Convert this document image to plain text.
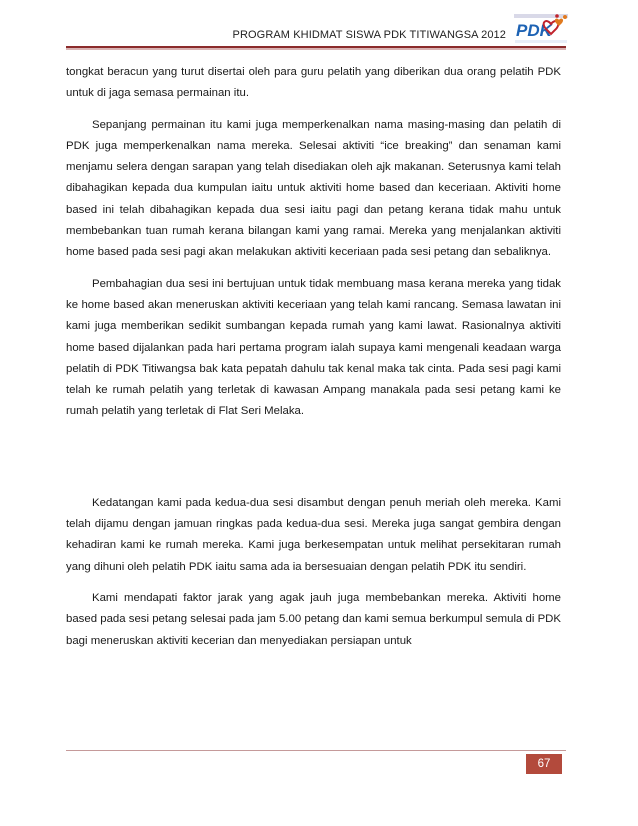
PROGRAM KHIDMAT SISWA PDK TITIWANGSA 2012 PDK

tongkat beracun yang turut disertai oleh para guru pelatih yang diberikan dua orang pelatih PDK untuk di jaga semasa permainan itu.

Sepanjang permainan itu kami juga memperkenalkan nama masing-masing dan pelatih di PDK juga memperkenalkan nama mereka. Selesai aktiviti “ice breaking” dan senaman kami menjamu selera dengan sarapan yang telah disediakan oleh ajk makanan. Seterusnya kami telah dibahagikan kepada dua kumpulan iaitu untuk aktiviti home based dan keceriaan. Aktiviti home based ini telah dibahagikan kepada dua sesi iaitu pagi dan petang kerana tidak mahu untuk membebankan tuan rumah kerana bilangan kami yang ramai. Mereka yang menjalankan aktiviti home based pada sesi pagi akan melakukan aktiviti keceriaan pada sesi petang dan sebaliknya.

Pembahagian dua sesi ini bertujuan untuk tidak membuang masa kerana mereka yang tidak ke home based akan meneruskan aktiviti keceriaan yang telah kami rancang. Semasa lawatan ini kami juga memberikan sedikit sumbangan kepada rumah yang kami lawat. Rasionalnya aktiviti home based dijalankan pada hari pertama program ialah supaya kami mengenali keadaan warga pelatih di PDK Titiwangsa bak kata pepatah dahulu tak kenal maka tak cinta. Pada sesi pagi kami telah ke rumah pelatih yang terletak di kawasan Ampang manakala pada sesi petang kami ke rumah pelatih yang terletak di Flat Seri Melaka.

Kedatangan kami pada kedua-dua sesi disambut dengan penuh meriah oleh mereka. Kami telah dijamu dengan jamuan ringkas pada kedua-dua sesi. Mereka juga sangat gembira dengan kehadiran kami ke rumah mereka. Kami juga berkesempatan untuk melihat persekitaran rumah yang dihuni oleh pelatih PDK iaitu sama ada ia bersesuaian dengan pelatih PDK itu sendiri.

Kami mendapati faktor jarak yang agak jauh juga membebankan mereka. Aktiviti home based pada sesi petang selesai pada jam 5.00 petang dan kami semua berkumpul semula di PDK bagi meneruskan aktiviti kecerian dan menyediakan persiapan untuk

67
